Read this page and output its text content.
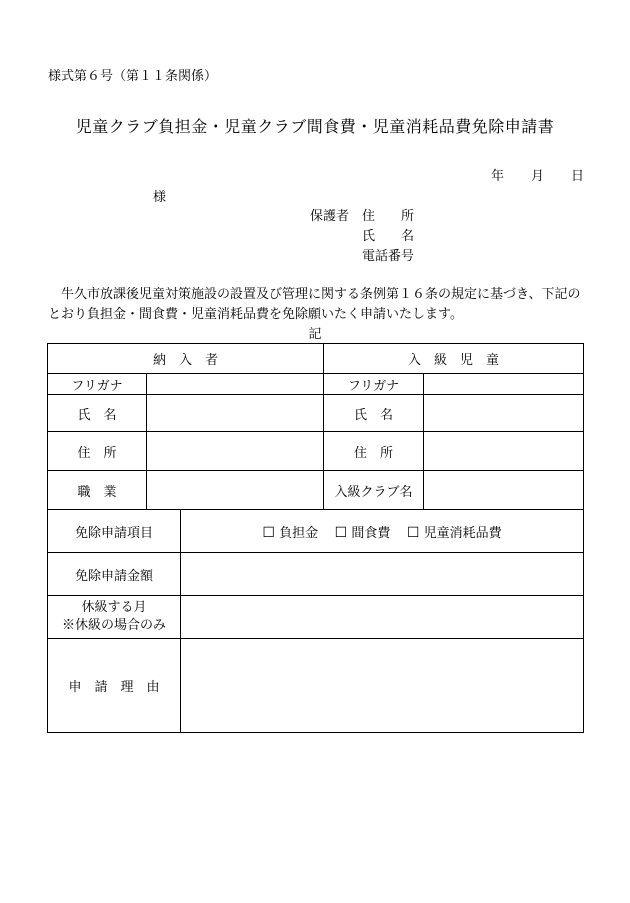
様式第６号（第１１条関係）
児童クラブ負担金・児童クラブ間食費・児童消耗品費免除申請書
年 月 日
様
保護者 住　　所
氏　　名
電話番号
牛久市放課後児童対策施設の設置及び管理に関する条例第１６条の規定に基づき、下記のとおり負担金・間食費・児童消耗品費を免除願いたく申請いたします。
記
納　入　者		入　級　児　童	
フリガナ		フリガナ	
氏　名		氏　名	
住　所		住　所	
職　業		入級クラブ名	
免除申請項目	☐ 負担金 ☐ 間食費 ☐ 児童消耗品費
免除申請金額	

休級する月
※休級の場合のみ	

申　請　理　由	
